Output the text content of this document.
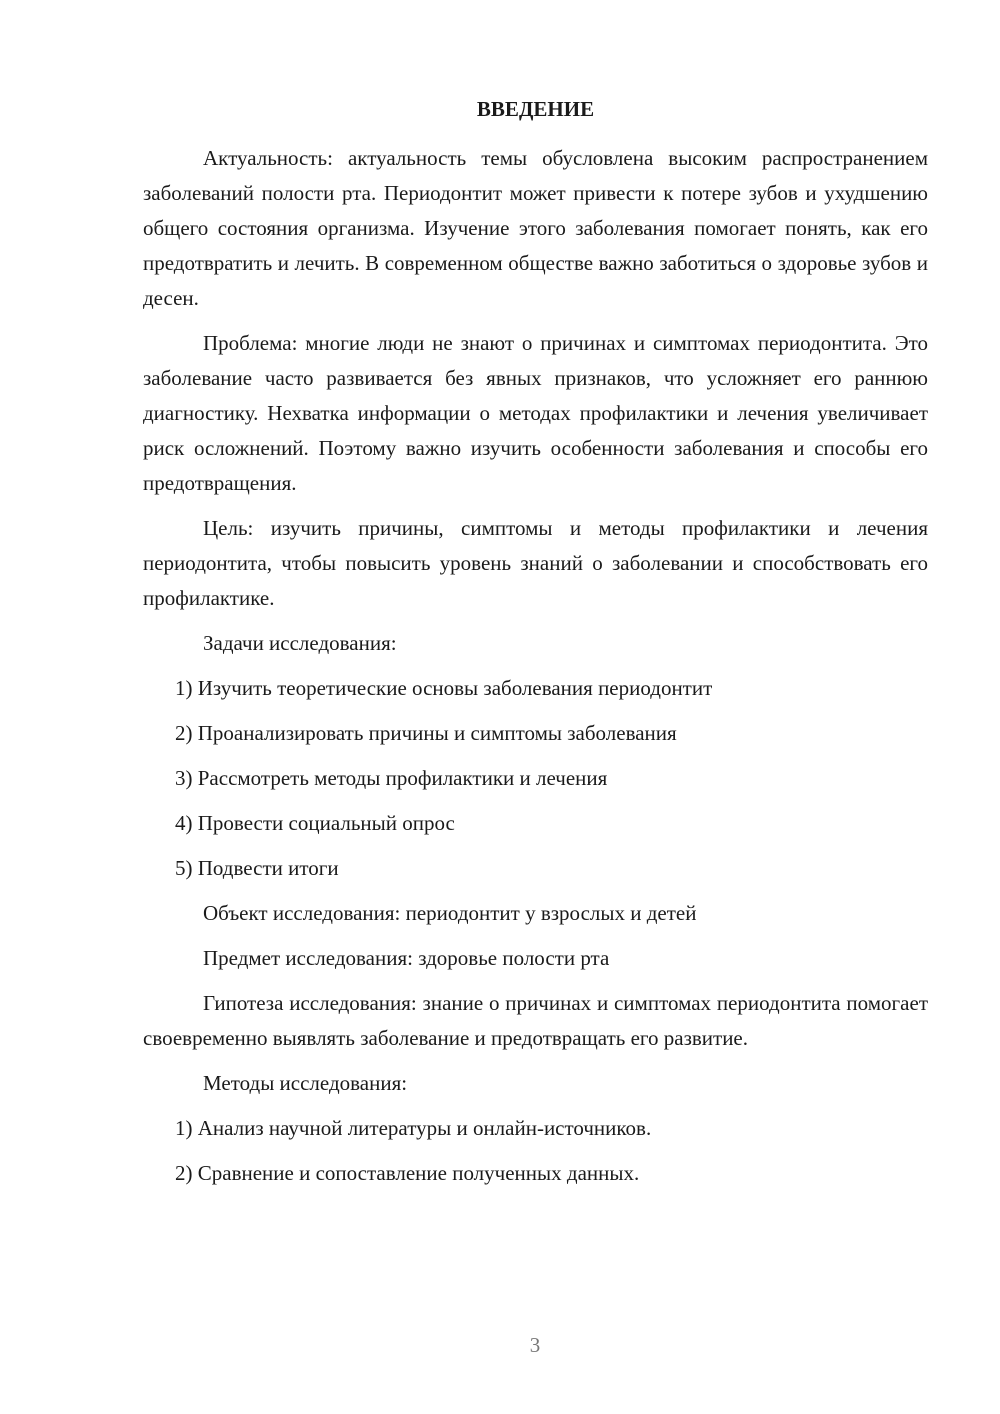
ВВЕДЕНИЕ

Актуальность: актуальность темы обусловлена высоким распространением заболеваний полости рта. Периодонтит может привести к потере зубов и ухудшению общего состояния организма. Изучение этого заболевания помогает понять, как его предотвратить и лечить. В современном обществе важно заботиться о здоровье зубов и десен.

Проблема: многие люди не знают о причинах и симптомах периодонтита. Это заболевание часто развивается без явных признаков, что усложняет его раннюю диагностику. Нехватка информации о методах профилактики и лечения увеличивает риск осложнений. Поэтому важно изучить особенности заболевания и способы его предотвращения.

Цель: изучить причины, симптомы и методы профилактики и лечения периодонтита, чтобы повысить уровень знаний о заболевании и способствовать его профилактике.

Задачи исследования:

1) Изучить теоретические основы заболевания периодонтит

2) Проанализировать причины и симптомы заболевания

3) Рассмотреть методы профилактики и лечения

4) Провести социальный опрос

5) Подвести итоги

Объект исследования: периодонтит у взрослых и детей

Предмет исследования: здоровье полости рта

Гипотеза исследования: знание о причинах и симптомах периодонтита помогает своевременно выявлять заболевание и предотвращать его развитие.

Методы исследования:

1) Анализ научной литературы и онлайн-источников.

2) Сравнение и сопоставление полученных данных.

3
